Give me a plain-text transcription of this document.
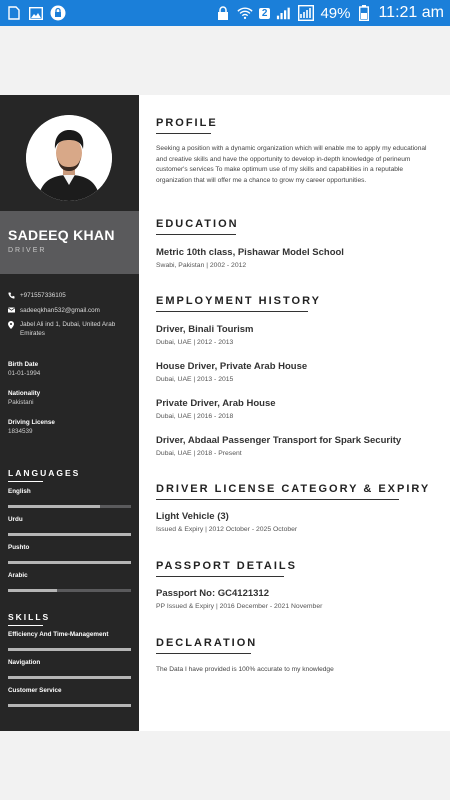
2	49% 11:21 am
SADEEQ KHAN
DRIVER
+971557336105
sadeeqkhan532@gmail.com
Jabel Ali ind 1, Dubai, United Arab Emirates
Birth Date
01-01-1994
Nationality
Pakistani
Driving License
1834539
LANGUAGES
English
Urdu
Pushto
Arabic
SKILLS
Efficiency And Time-Management
Navigation
Customer Service
PROFILE
Seeking a position with a dynamic organization which will enable me to apply my educational and creative skills and have the opportunity to develop in-depth knowledge of perineum customer's services To make optimum use of my skills and capabilities in a reputable organization that will offer me a chance to grow my career opportunities.
EDUCATION
Metric 10th class, Pishawar Model School
Swabi, Pakistan | 2002 - 2012
EMPLOYMENT HISTORY
Driver, Binali Tourism
Dubai, UAE | 2012 - 2013
House Driver, Private Arab House
Dubai, UAE | 2013 - 2015
Private Driver, Arab House
Dubai, UAE | 2016 - 2018
Driver, Abdaal Passenger Transport for Spark Security
Dubai, UAE | 2018 - Present
DRIVER LICENSE CATEGORY & EXPIRY
Light Vehicle (3)
Issued & Expiry | 2012 October - 2025 October
PASSPORT DETAILS
Passport No: GC4121312
PP Issued & Expiry | 2016 December - 2021 November
DECLARATION
The Data I have provided is 100% accurate to my knowledge
